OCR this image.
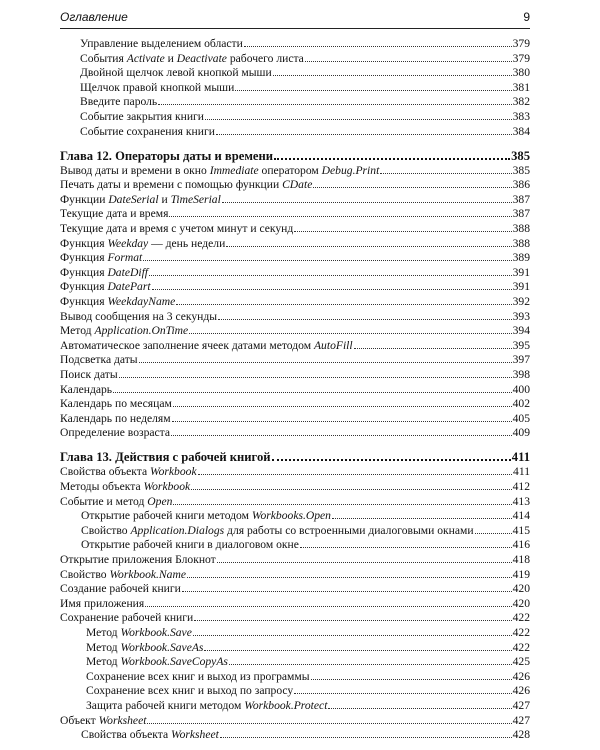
Оглавление	9
Управление выделением области	379
События Activate и Deactivate рабочего листа	379
Двойной щелчок левой кнопкой мыши	380
Щелчок правой кнопкой мыши	381
Введите пароль	382
Событие закрытия книги	383
Событие сохранения книги	384
Глава 12. Операторы даты и времени	385
Вывод даты и времени в окно Immediate оператором Debug.Print	385
Печать даты и времени с помощью функции CDate	386
Функции DateSerial и TimeSerial	387
Текущие дата и время	387
Текущие дата и время с учетом минут и секунд	388
Функция Weekday — день недели	388
Функция Format	389
Функция DateDiff	391
Функция DatePart	391
Функция WeekdayName	392
Вывод сообщения на 3 секунды	393
Метод Application.OnTime	394
Автоматическое заполнение ячеек датами методом AutoFill	395
Подсветка даты	397
Поиск даты	398
Календарь	400
Календарь по месяцам	402
Календарь по неделям	405
Определение возраста	409
Глава 13. Действия с рабочей книгой	411
Свойства объекта Workbook	411
Методы объекта Workbook	412
Событие и метод Open	413
Открытие рабочей книги методом Workbooks.Open	414
Свойство Application.Dialogs для работы со встроенными диалоговыми окнами	415
Открытие рабочей книги в диалоговом окне	416
Открытие приложения Блокнот	418
Свойство Workbook.Name	419
Создание рабочей книги	420
Имя приложения	420
Сохранение рабочей книги	422
Метод Workbook.Save	422
Метод Workbook.SaveAs	422
Метод Workbook.SaveCopyAs	425
Сохранение всех книг и выход из программы	426
Сохранение всех книг и выход по запросу	426
Защита рабочей книги методом Workbook.Protect	427
Объект Worksheet	427
Свойства объекта Worksheet	428
